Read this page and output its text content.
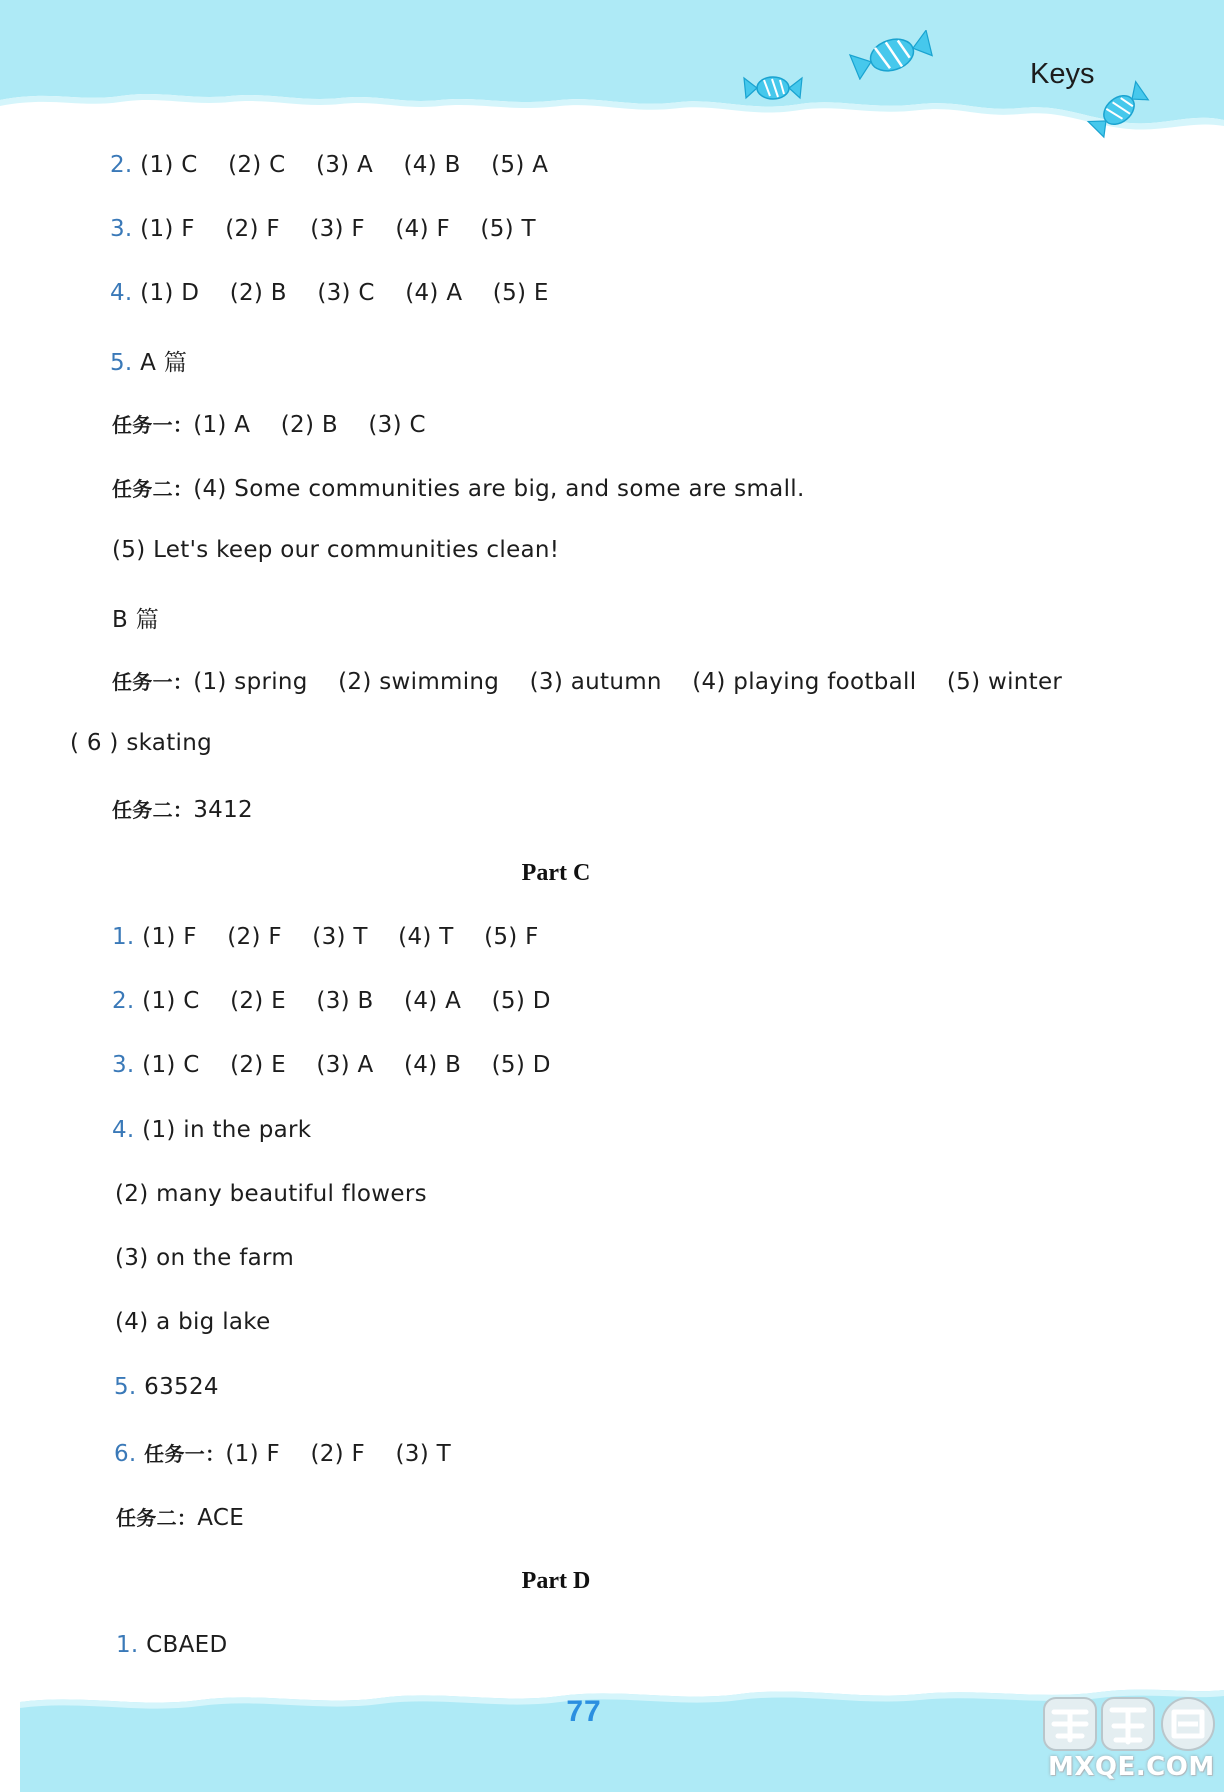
Keys
2. (1) C    (2) C    (3) A    (4) B    (5) A
3. (1) F    (2) F    (3) F    (4) F    (5) T
4. (1) D    (2) B    (3) C    (4) A    (5) E
5. A 篇
任务一：(1) A    (2) B    (3) C
任务二：(4) Some communities are big, and some are small.
(5) Let's keep our communities clean!
B 篇
任务一：(1) spring    (2) swimming    (3) autumn    (4) playing football    (5) winter
( 6 ) skating
任务二：3412
Part C
1. (1) F    (2) F    (3) T    (4) T    (5) F
2. (1) C    (2) E    (3) B    (4) A    (5) D
3. (1) C    (2) E    (3) A    (4) B    (5) D
4. (1) in the park
(2) many beautiful flowers
(3) on the farm
(4) a big lake
5. 63524
6. 任务一：(1) F    (2) F    (3) T
任务二：ACE
Part D
1. CBAED
77
MXQE.COM
